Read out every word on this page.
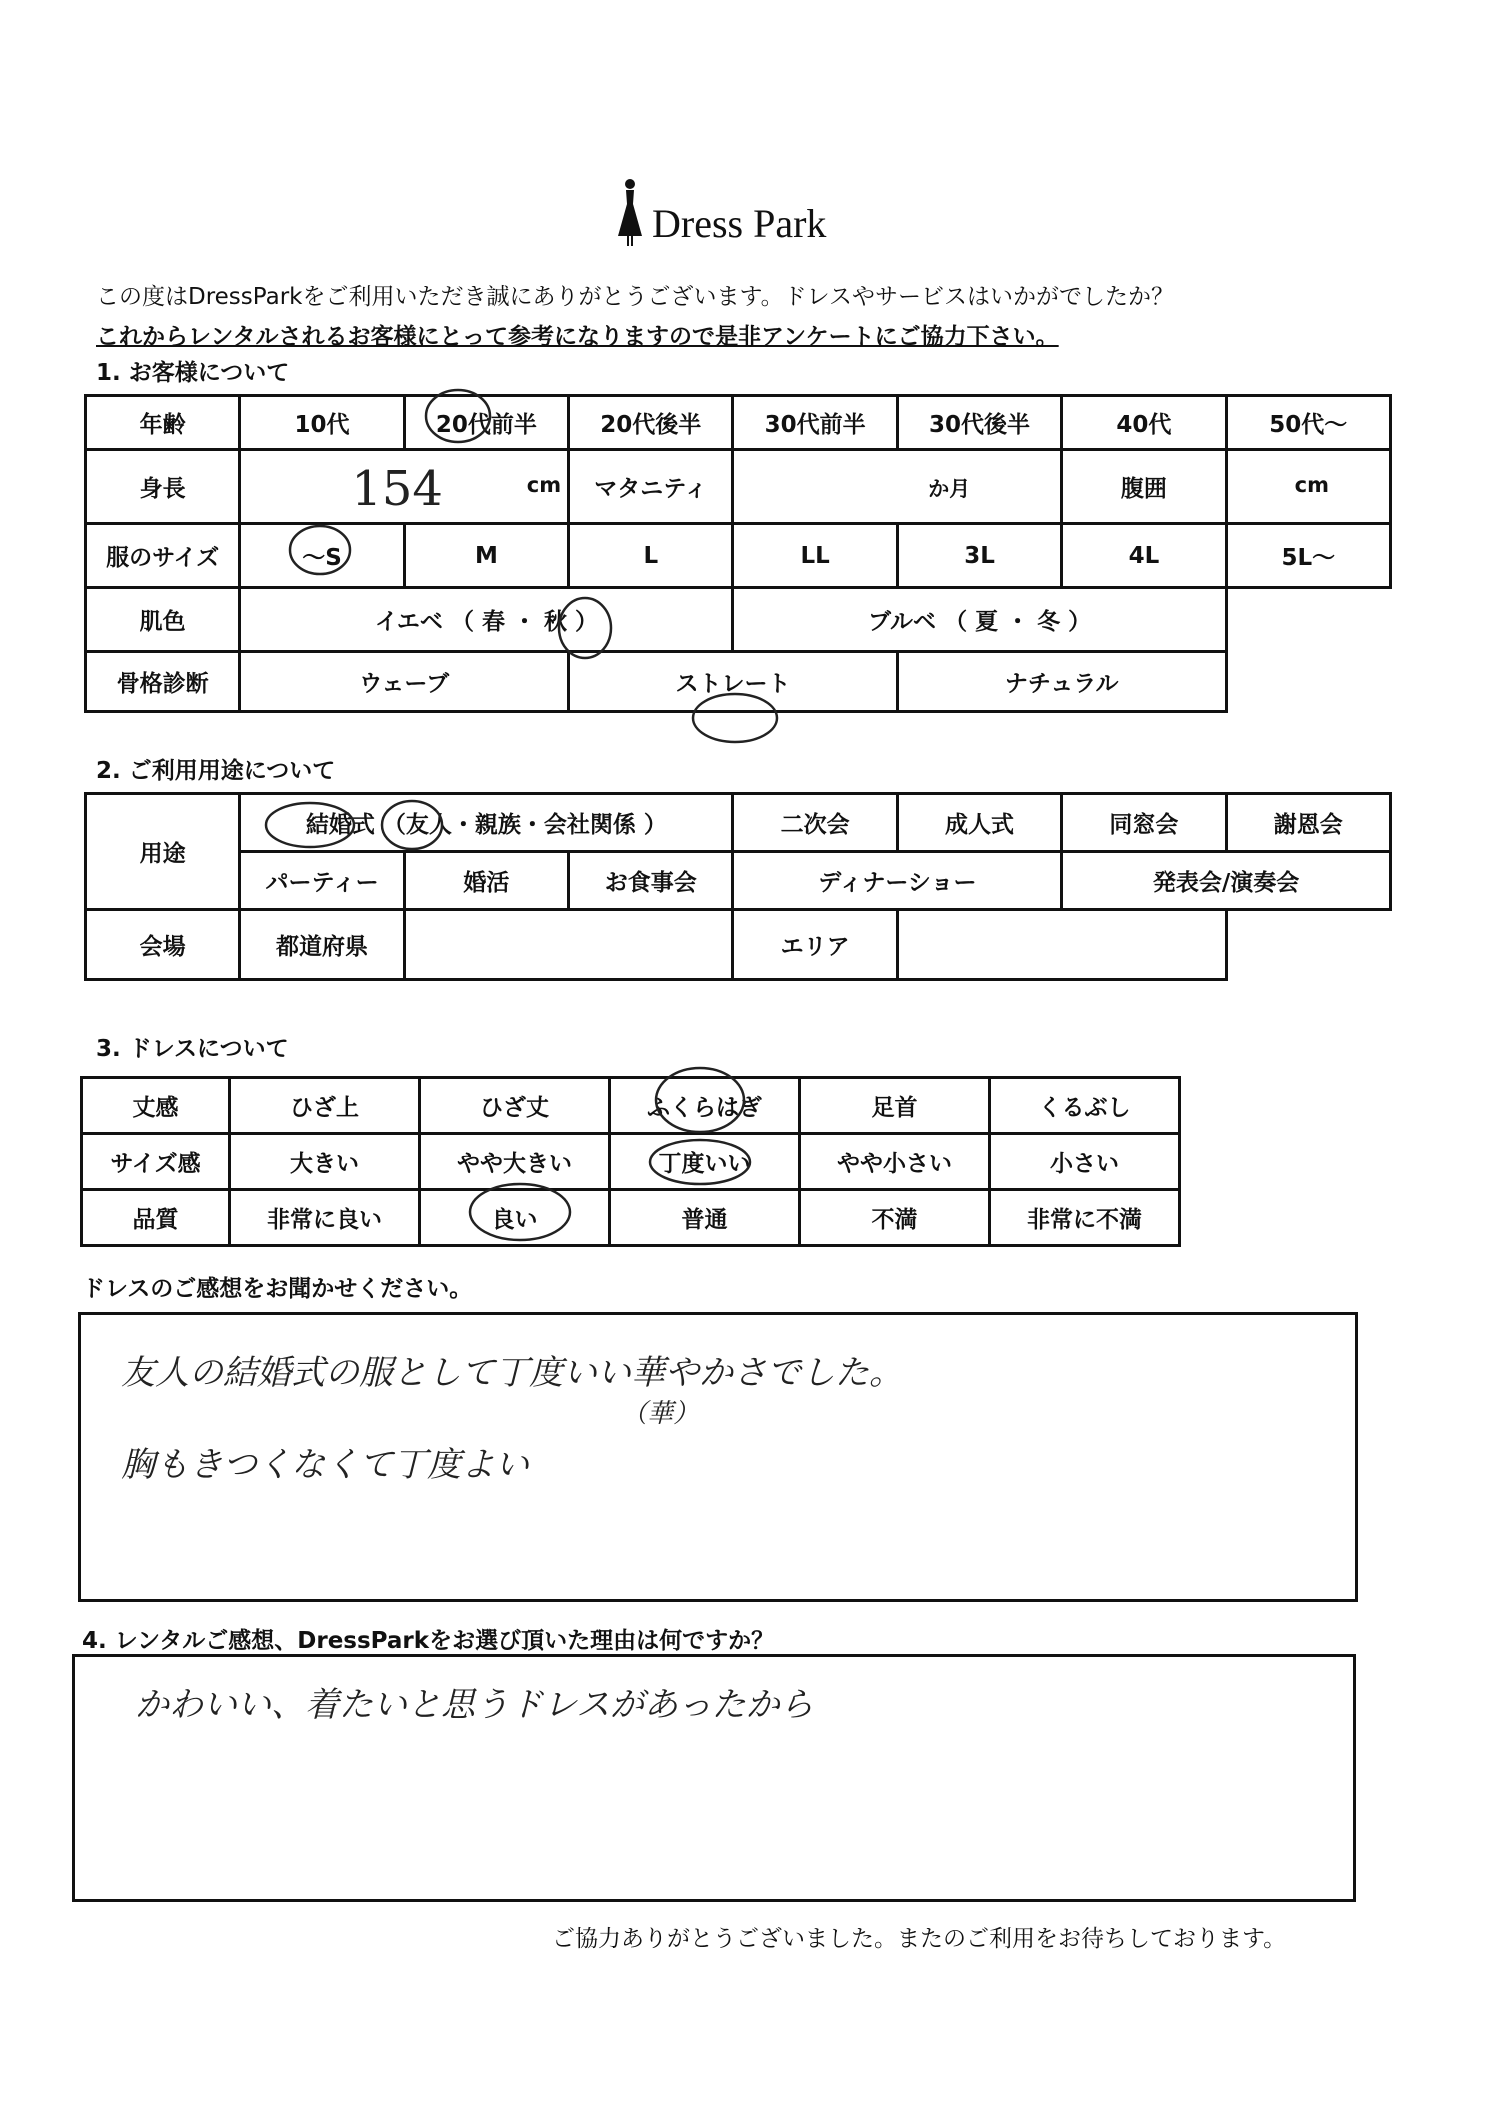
Dress Park
この度はDressParkをご利用いただき誠にありがとうございます。ドレスやサービスはいかがでしたか？
これからレンタルされるお客様にとって参考になりますので是非アンケートにご協力下さい。
1. お客様について
年齢	10代	20代前半	20代後半	30代前半	30代後半	40代	50代〜
身長	154 cm		マタニティ	か月		腹囲	cm

服のサイズ	〜S	M	L	LL	3L	4L	5L〜
肌色	イエベ （ 春 ・ 秋 ）			ブルベ （ 夏 ・ 冬 ）			
骨格診断	ウェーブ		ストレート		ナチュラル		
2. ご利用用途について
用途	結婚式 （友人・親族・会社関係 ）			二次会	成人式	同窓会	謝恩会
	パーティー	婚活	お食事会	ディナーショー		発表会/演奏会	
会場	都道府県			エリア			
3. ドレスについて
丈感	ひざ上	ひざ丈	ふくらはぎ	足首	くるぶし
サイズ感	大きい	やや大きい	丁度いい	やや小さい	小さい
品質	非常に良い	良い	普通	不満	非常に不満
ドレスのご感想をお聞かせください。
友人の結婚式の服として丁度いい華やかさでした。
（華）
胸もきつくなくて丁度よい
4. レンタルご感想、DressParkをお選び頂いた理由は何ですか？
かわいい、着たいと思うドレスがあったから
ご協力ありがとうございました。またのご利用をお待ちしております。
